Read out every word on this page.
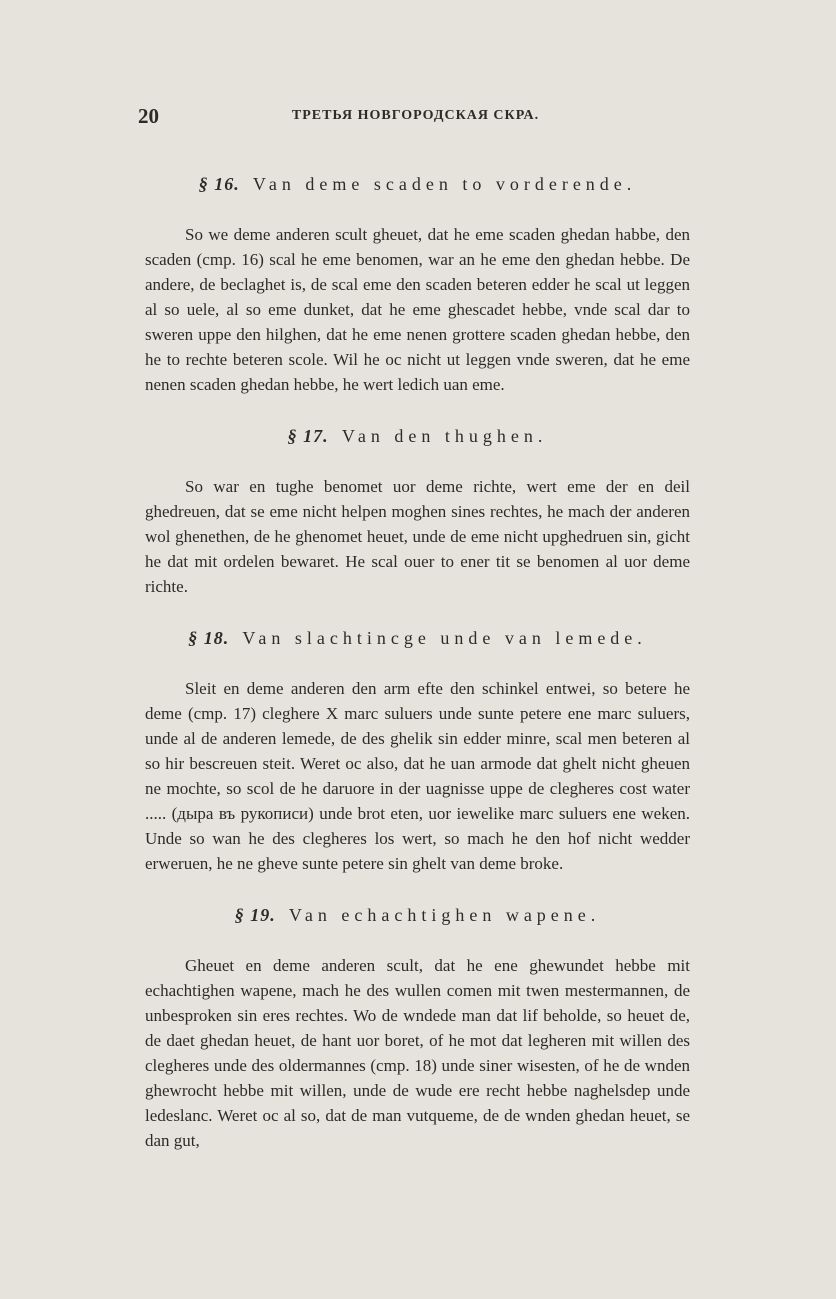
20	ТРЕТЬЯ НОВГОРОДСКАЯ СКРА.
§ 16. Van deme scaden to vorderende.

So we deme anderen scult gheuet, dat he eme scaden ghedan habbe, den scaden (cmp. 16) scal he eme benomen, war an he eme den ghedan hebbe. De andere, de beclaghet is, de scal eme den scaden beteren edder he scal ut leggen al so uele, al so eme dunket, dat he eme ghescadet hebbe, vnde scal dar to sweren uppe den hilghen, dat he eme nenen grottere scaden ghedan hebbe, den he to rechte beteren scole. Wil he oc nicht ut leggen vnde sweren, dat he eme nenen scaden ghedan hebbe, he wert ledich uan eme.

§ 17. Van den thughen.

So war en tughe benomet uor deme richte, wert eme der en deil ghedreuen, dat se eme nicht helpen moghen sines rechtes, he mach der anderen wol ghenethen, de he ghenomet heuet, unde de eme nicht upghedruen sin, gicht he dat mit ordelen bewaret. He scal ouer to ener tit se benomen al uor deme richte.

§ 18. Van slachtincge unde van lemede.

Sleit en deme anderen den arm efte den schinkel entwei, so betere he deme (cmp. 17) cleghere X marc suluers unde sunte petere ene marc suluers, unde al de anderen lemede, de des ghelik sin edder minre, scal men beteren al so hir bescreuen steit. Weret oc also, dat he uan armode dat ghelt nicht gheuen ne mochte, so scol de he daruore in der uagnisse uppe de clegheres cost water ..... (дыра въ рукописи) unde brot eten, uor iewelike marc suluers ene weken. Unde so wan he des clegheres los wert, so mach he den hof nicht wedder erweruen, he ne gheve sunte petere sin ghelt van deme broke.

§ 19. Van echachtighen wapene.

Gheuet en deme anderen scult, dat he ene ghewundet hebbe mit echachtighen wapene, mach he des wullen comen mit twen mestermannen, de unbesproken sin eres rechtes. Wo de wndede man dat lif beholde, so heuet de, de daet ghedan heuet, de hant uor boret, of he mot dat legheren mit willen des clegheres unde des oldermannes (cmp. 18) unde siner wisesten, of he de wnden ghewrocht hebbe mit willen, unde de wude ere recht hebbe naghelsdep unde ledeslanc. Weret oc al so, dat de man vutqueme, de de wnden ghedan heuet, se dan gut,
